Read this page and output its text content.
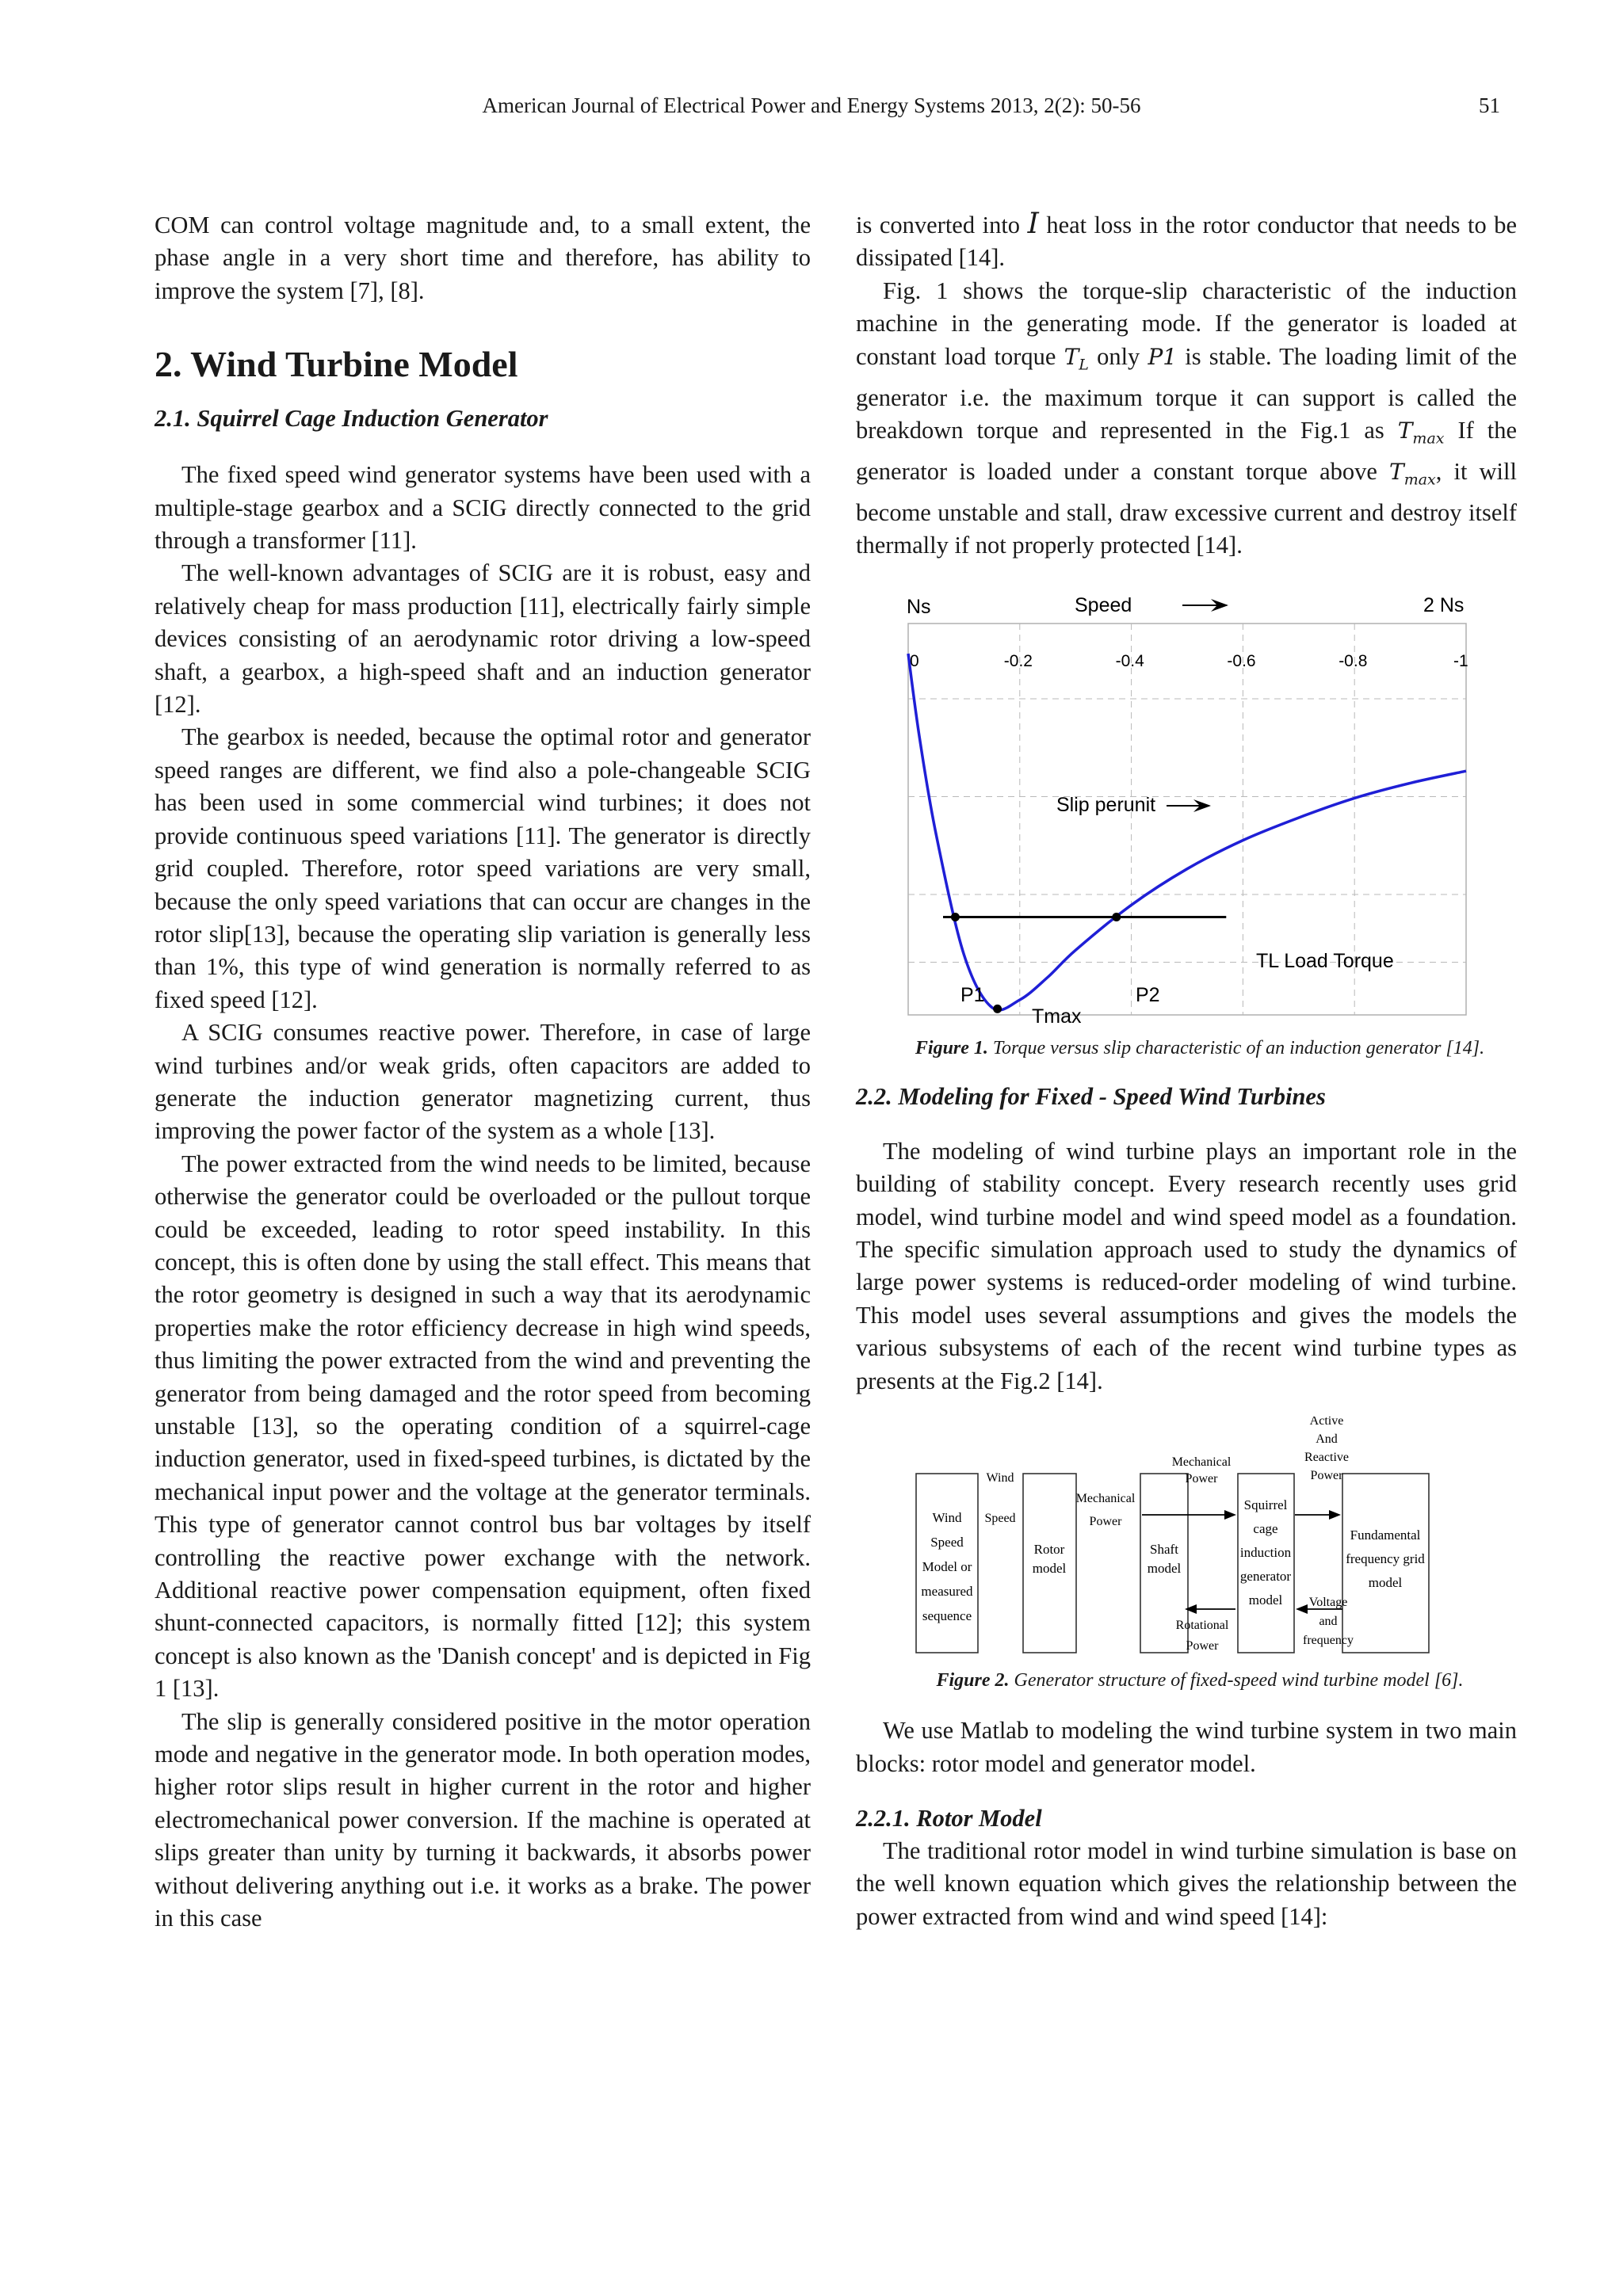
American Journal of Electrical Power and Energy Systems 2013, 2(2): 50-56	51

COM can control voltage magnitude and, to a small extent, the phase angle in a very short time and therefore, has ability to improve the system [7], [8].

2. Wind Turbine Model
2.1. Squirrel Cage Induction Generator

The fixed speed wind generator systems have been used with a multiple-stage gearbox and a SCIG directly connected to the grid through a transformer [11].

The well-known advantages of SCIG are it is robust, easy and relatively cheap for mass production [11], electrically fairly simple devices consisting of an aerodynamic rotor driving a low-speed shaft, a gearbox, a high-speed shaft and an induction generator [12].

The gearbox is needed, because the optimal rotor and generator speed ranges are different, we find also a pole-changeable SCIG has been used in some commercial wind turbines; it does not provide continuous speed variations [11]. The generator is directly grid coupled. Therefore, rotor speed variations are very small, because the only speed variations that can occur are changes in the rotor slip[13], because the operating slip variation is generally less than 1%, this type of wind generation is normally referred to as fixed speed [12].

A SCIG consumes reactive power. Therefore, in case of large wind turbines and/or weak grids, often capacitors are added to generate the induction generator magnetizing current, thus improving the power factor of the system as a whole [13].

The power extracted from the wind needs to be limited, because otherwise the generator could be overloaded or the pullout torque could be exceeded, leading to rotor speed instability. In this concept, this is often done by using the stall effect. This means that the rotor geometry is designed in such a way that its aerodynamic properties make the rotor efficiency decrease in high wind speeds, thus limiting the power extracted from the wind and preventing the generator from being damaged and the rotor speed from becoming unstable [13], so the operating condition of a squirrel-cage induction generator, used in fixed-speed turbines, is dictated by the mechanical input power and the voltage at the generator terminals. This type of generator cannot control bus bar voltages by itself controlling the reactive power exchange with the network. Additional reactive power compensation equipment, often fixed shunt-connected capacitors, is normally fitted [12]; this system concept is also known as the 'Danish concept' and is depicted in Fig 1 [13].

The slip is generally considered positive in the motor operation mode and negative in the generator mode. In both operation modes, higher rotor slips result in higher current in the rotor and higher electromechanical power conversion. If the machine is operated at slips greater than unity by turning it backwards, it absorbs power without delivering anything out i.e. it works as a brake. The power in this case

is converted into I heat loss in the rotor conductor that needs to be dissipated [14].

Fig. 1 shows the torque-slip characteristic of the induction machine in the generating mode. If the generator is loaded at constant load torque $T_L$ only P1 is stable. The loading limit of the generator i.e. the maximum torque it can support is called the breakdown torque and represented in the Fig.1 as $T_{max}$ If the generator is loaded under a constant torque above $T_{max}$, it will become unstable and stall, draw excessive current and destroy itself thermally if not properly protected [14].

Ns	Speed	2 Ns
0	-0.2	-0.4	-0.6	-0.8	-1
Slip perunit
TL Load Torque
P1	P2
Tmax

Figure 1. Torque versus slip characteristic of an induction generator [14].

2.2. Modeling for Fixed - Speed Wind Turbines

The modeling of wind turbine plays an important role in the building of stability concept. Every research recently uses grid model, wind turbine model and wind speed model as a foundation. The specific simulation approach used to study the dynamics of large power systems is reduced-order modeling of wind turbine. This model uses several assumptions and gives the models the various subsystems of each of the recent wind turbine types as presents at the Fig.2 [14].

Wind Speed Model or measured sequence
Rotor model
Shaft model
Squirrel cage induction generator model
Fundamental frequency grid model
Wind Speed
Mechanical Power
Mechanical Power
Active And Reactive Power
Rotational Power
Voltage and frequency

Figure 2. Generator structure of fixed-speed wind turbine model [6].

We use Matlab to modeling the wind turbine system in two main blocks: rotor model and generator model.

2.2.1. Rotor Model

The traditional rotor model in wind turbine simulation is base on the well known equation which gives the relationship between the power extracted from wind and wind speed [14]:
